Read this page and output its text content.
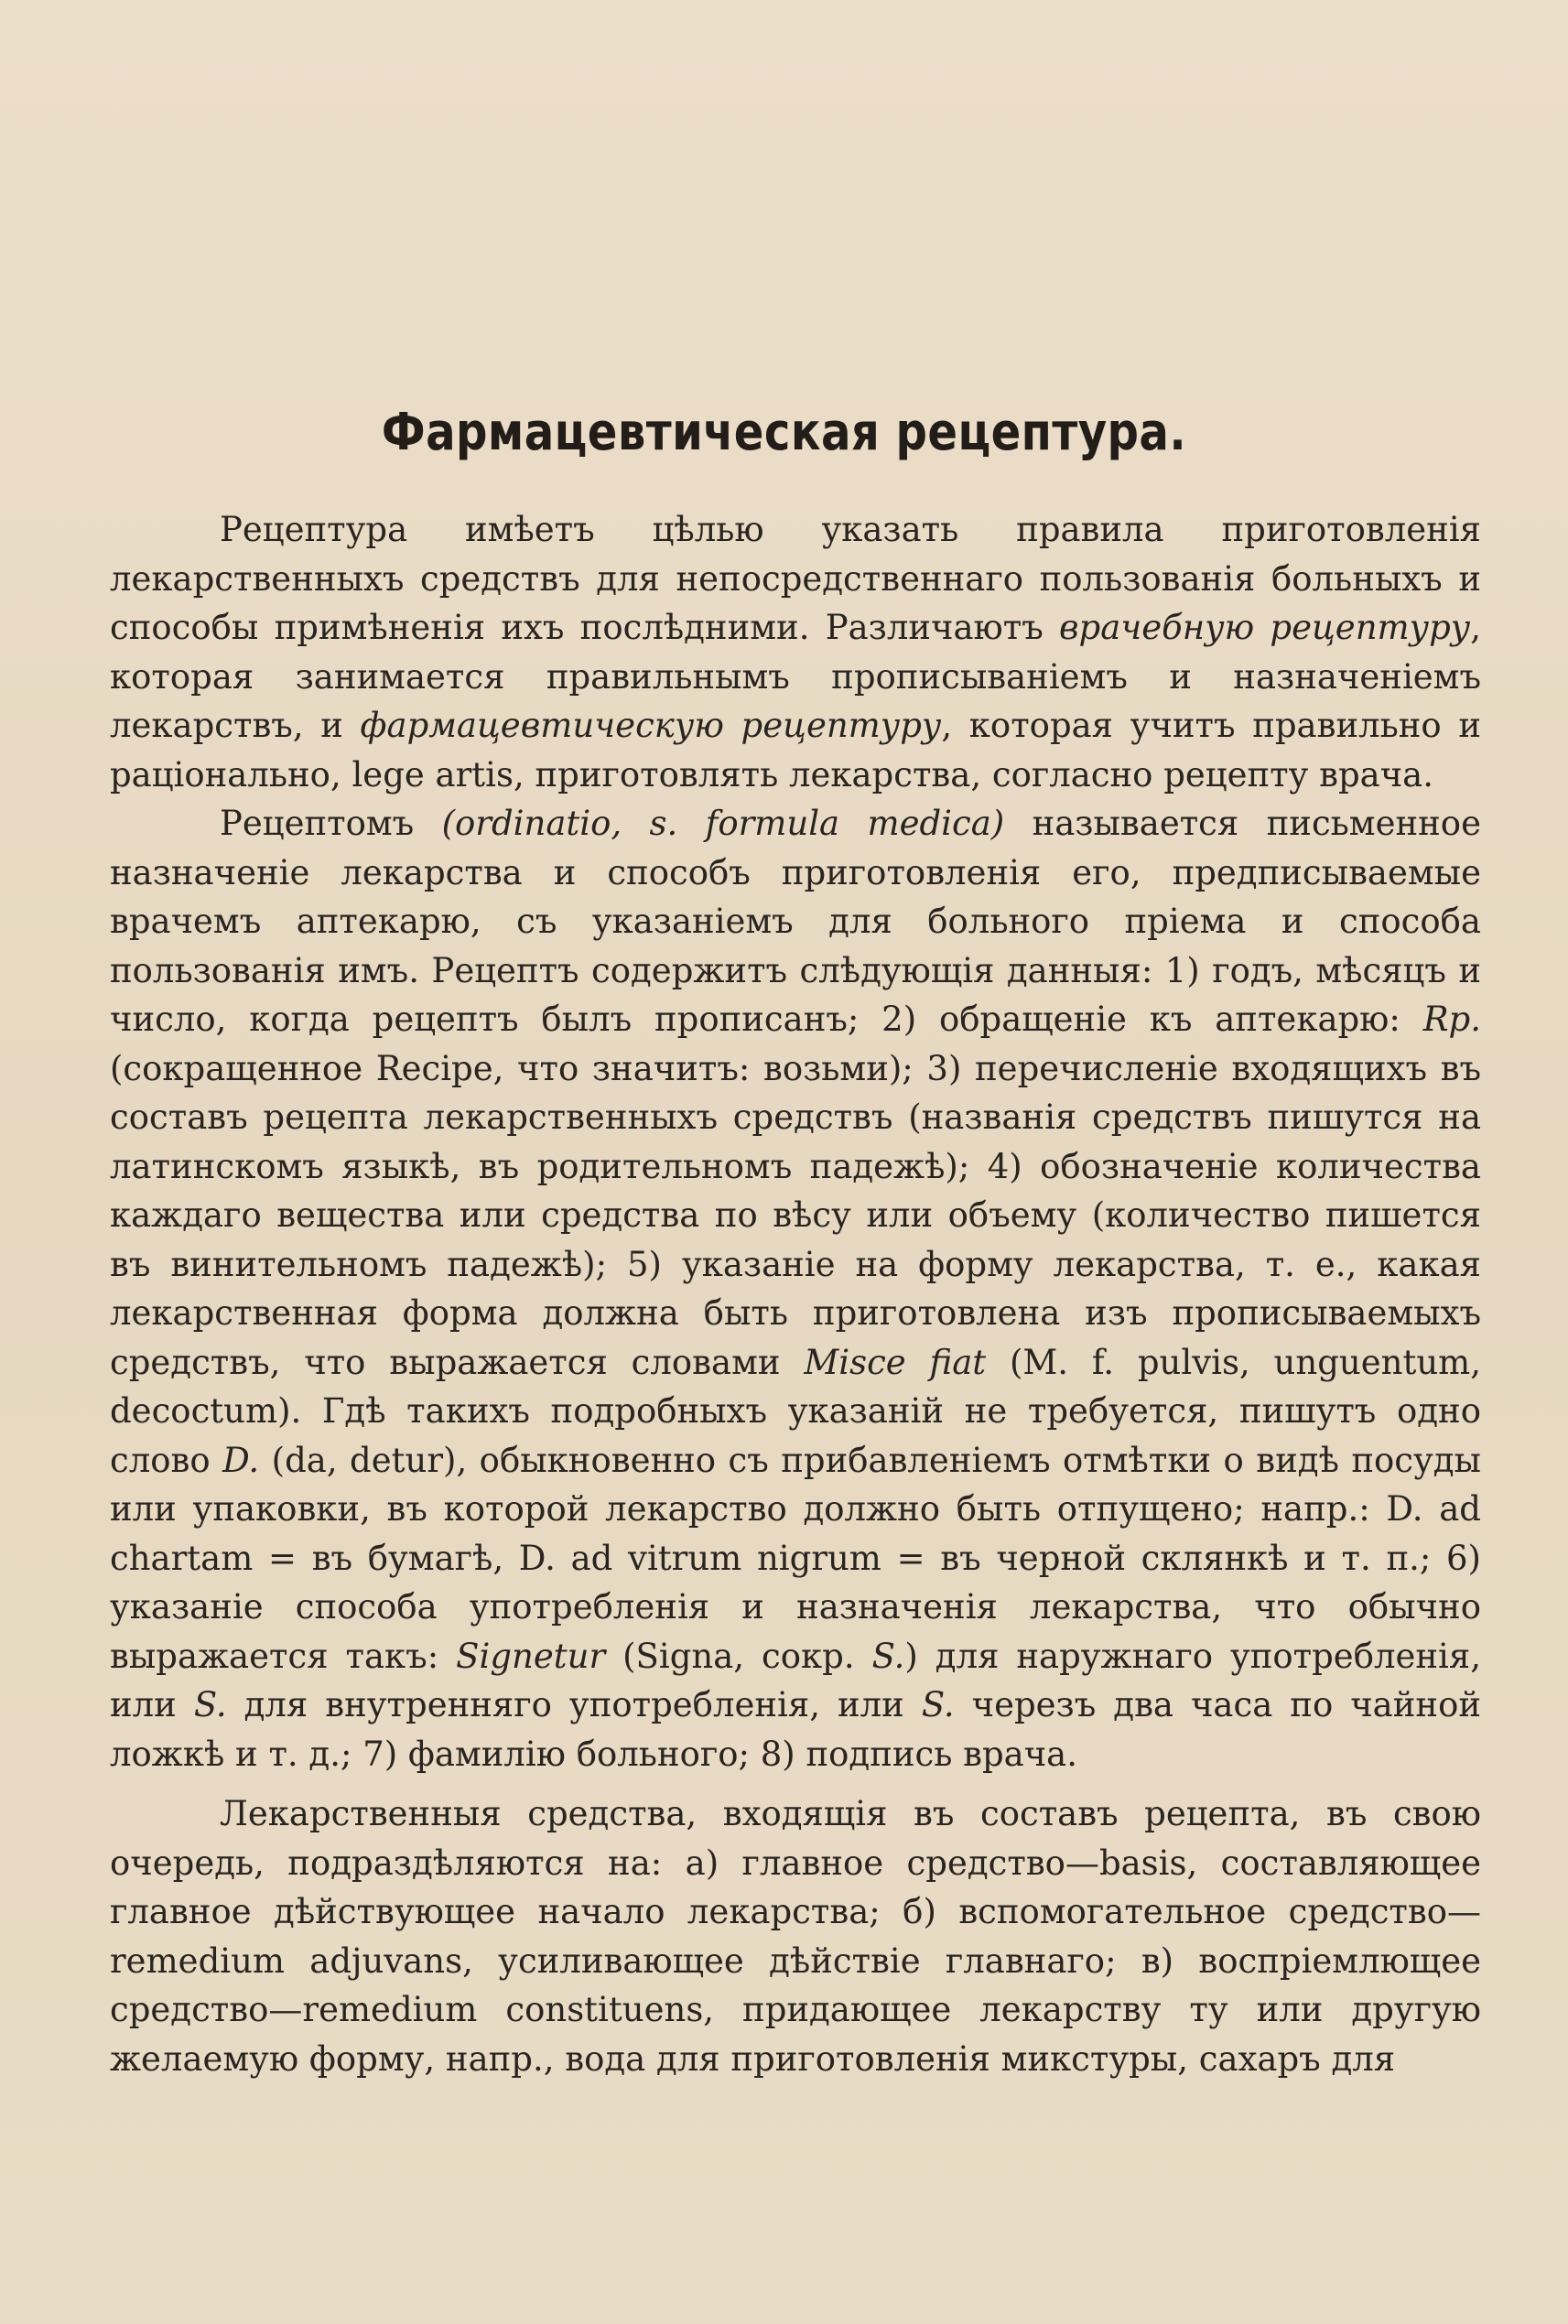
Фармацевтическая рецептура.

Рецептура имѣетъ цѣлью указать правила приготовленія лекарственныхъ средствъ для непосредственнаго пользованія больныхъ и способы примѣненія ихъ послѣдними. Различаютъ врачебную рецептуру, которая занимается правильнымъ прописываніемъ и назначеніемъ лекарствъ, и фармацевтическую рецептуру, которая учитъ правильно и раціонально, lege artis, приготовлять лекарства, согласно рецепту врача.

Рецептомъ (ordinatio, s. formula medica) называется письменное назначеніе лекарства и способъ приготовленія его, предписываемые врачемъ аптекарю, съ указаніемъ для больного пріема и способа пользованія имъ. Рецептъ содержитъ слѣдующія данныя: 1) годъ, мѣсяцъ и число, когда рецептъ былъ прописанъ; 2) обращеніе къ аптекарю: Rp. (сокращенное Recipe, что значитъ: возьми); 3) перечисленіе входящихъ въ составъ рецепта лекарственныхъ средствъ (названія средствъ пишутся на латинскомъ языкѣ, въ родительномъ падежѣ); 4) обозначеніе количества каждаго вещества или средства по вѣсу или объему (количество пишется въ винительномъ падежѣ); 5) указаніе на форму лекарства, т. е., какая лекарственная форма должна быть приготовлена изъ прописываемыхъ средствъ, что выражается словами Misce fiat (M. f. pulvis, unguentum, decoctum). Гдѣ такихъ подробныхъ указаній не требуется, пишутъ одно слово D. (da, detur), обыкновенно съ прибавленіемъ отмѣтки о видѣ посуды или упаковки, въ которой лекарство должно быть отпущено; напр.: D. ad chartam = въ бумагѣ, D. ad vitrum nigrum = въ черной склянкѣ и т. п.; 6) указаніе способа употребленія и назначенія лекарства, что обычно выражается такъ: Signetur (Signa, сокр. S.) для наружнаго употребленія, или S. для внутренняго употребленія, или S. черезъ два часа по чайной ложкѣ и т. д.; 7) фамилію больного; 8) подпись врача.

Лекарственныя средства, входящія въ составъ рецепта, въ свою очередь, подраздѣляются на: а) главное средство—basis, составляющее главное дѣйствующее начало лекарства; б) вспомогательное средство—remedium adjuvans, усиливающее дѣйствіе главнаго; в) воспріемлющее средство—remedium constituens, придающее лекарству ту или другую желаемую форму, напр., вода для приготовленія микстуры, сахаръ для
